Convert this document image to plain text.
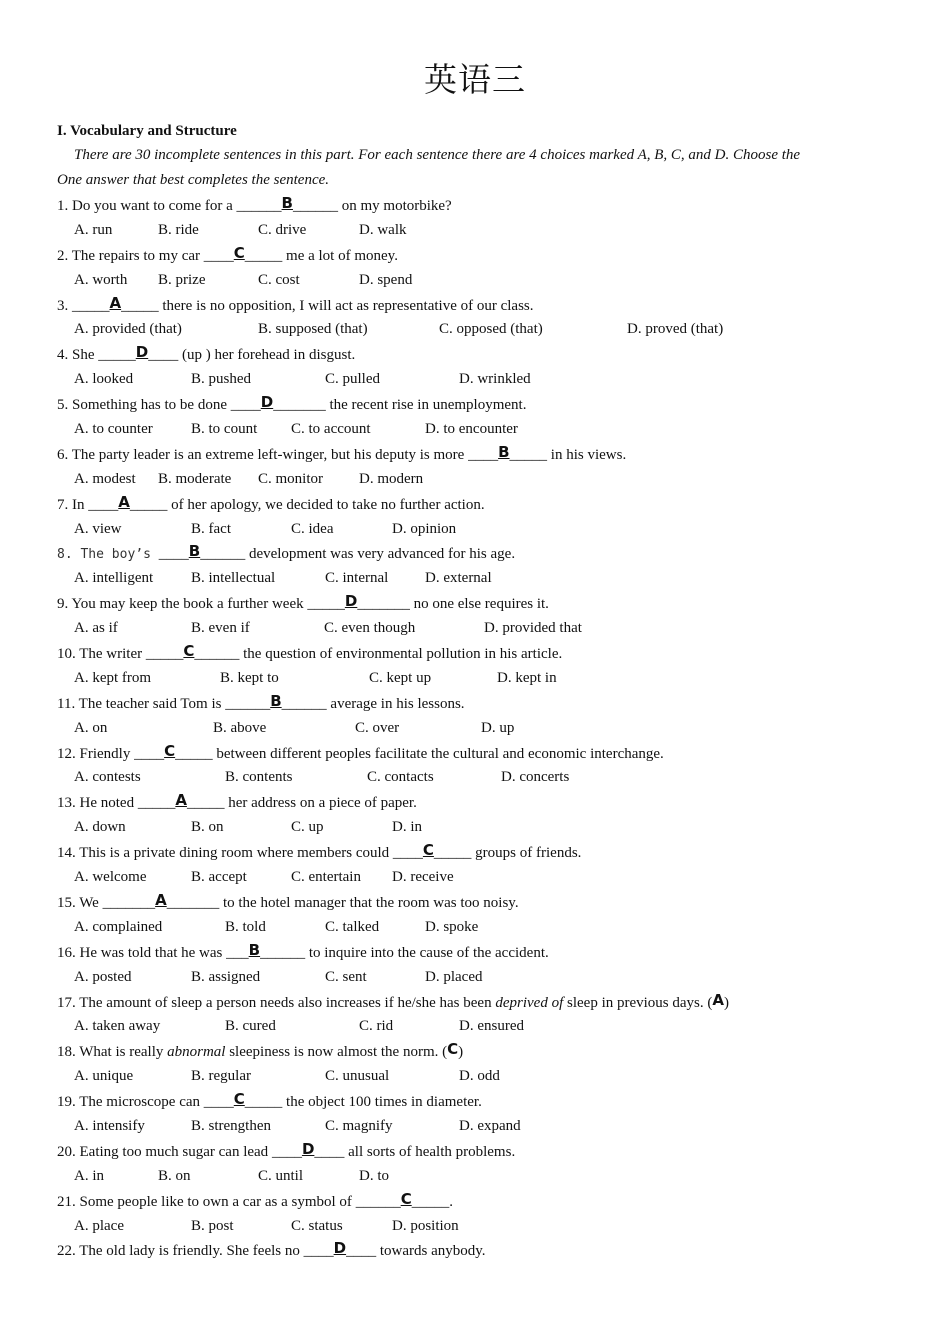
英语三
I. Vocabulary and Structure
There are 30 incomplete sentences in this part. For each sentence there are 4 choices marked A, B, C, and D. Choose the
One answer that best completes the sentence.
1. Do you want to come for a ______B______ on my motorbike?
A. run	B. ride	C. drive	D. walk
2. The repairs to my car ____C_____ me a lot of money.
A. worth B. prize	C. cost	D. spend
3. _____A_____ there is no opposition, I will act as representative of our class.
A. provided (that)	B. supposed (that)	C. opposed (that)	D. proved (that)
4. She _____D____ (up ) her forehead in disgust.
A. looked	B. pushed	C. pulled	D. wrinkled
5. Something has to be done ____D_______ the recent rise in unemployment.
A. to counter	B. to count C. to account	D. to encounter
6. The party leader is an extreme left-winger, but his deputy is more ____B_____ in his views.
A. modest B. moderate C. monitor D. modern
7. In ____A_____ of her apology, we decided to take no further action.
A. view	B. fact	C. idea	D. opinion
8. The boy’s ____B______ development was very advanced for his age.
A. intelligent	B. intellectual	C. internal D. external
9. You may keep the book a further week _____D_______ no one else requires it.
A. as if	B. even if	C. even though	D. provided that
10. The writer _____C______ the question of environmental pollution in his article.
A. kept from	B. kept to	C. kept up	D. kept in
11. The teacher said Tom is ______B______ average in his lessons.
A. on	B. above	C. over	D. up
12. Friendly ____C_____ between different peoples facilitate the cultural and economic interchange.
A. contests	B. contents	C. contacts	D. concerts
13. He noted _____A_____ her address on a piece of paper.
A. down	B. on	C. up	D. in
14. This is a private dining room where members could ____C_____ groups of friends.
A. welcome	B. accept	C. entertain D. receive
15. We _______A_______ to the hotel manager that the room was too noisy.
A. complained	B. told	C. talked	D. spoke
16. He was told that he was ___B______ to inquire into the cause of the accident.
A. posted	B. assigned	C. sent	D. placed
17. The amount of sleep a person needs also increases if he/she has been deprived of sleep in previous days. (A)
A. taken away	B. cured	C. rid	D. ensured
18. What is really abnormal sleepiness is now almost the norm. (C)
A. unique	B. regular	C. unusual	D. odd
19. The microscope can ____C_____ the object 100 times in diameter.
A. intensify	B. strengthen	C. magnify	D. expand
20. Eating too much sugar can lead ____D____ all sorts of health problems.
A. in	B. on	C. until	D. to
21. Some people like to own a car as a symbol of ______C_____.
A. place	B. post	C. status	D. position
22. The old lady is friendly. She feels no ____D____ towards anybody.
